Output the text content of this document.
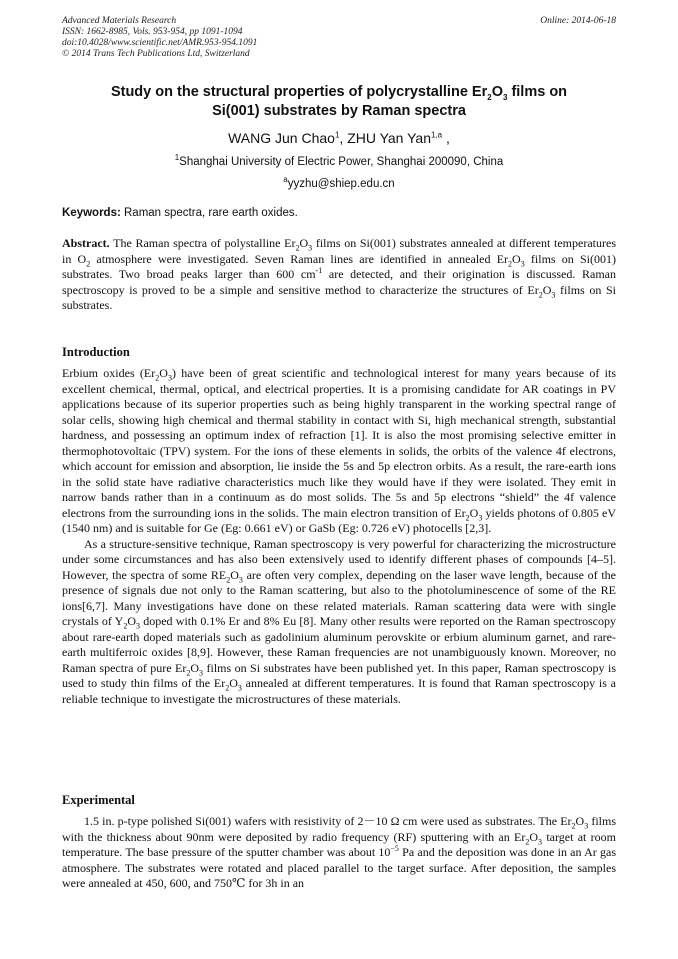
Advanced Materials Research
ISSN: 1662-8985, Vols. 953-954, pp 1091-1094
doi:10.4028/www.scientific.net/AMR.953-954.1091
© 2014 Trans Tech Publications Ltd, Switzerland
Online: 2014-06-18
Study on the structural properties of polycrystalline $Er_2O_3$ films on
Si(001) substrates by Raman spectra
WANG Jun Chao$^1$, ZHU Yan Yan$^{1,a}$ ,
$^1$Shanghai University of Electric Power, Shanghai 200090, China
$^a$yyzhu@shiep.edu.cn
Keywords: Raman spectra, rare earth oxides.

Abstract. The Raman spectra of polystalline $Er_2O_3$ films on Si(001) substrates annealed at different temperatures in $O_2$ atmosphere were investigated. Seven Raman lines are identified in annealed $Er_2O_3$ films on Si(001) substrates. Two broad peaks larger than 600 $cm^{-1}$ are detected, and their origination is discussed. Raman spectroscopy is proved to be a simple and sensitive method to characterize the structures of $Er_2O_3$ films on Si substrates.

Introduction

Erbium oxides $(Er_2O_3)$ have been of great scientific and technological interest for many years because of its excellent chemical, thermal, optical, and electrical properties. It is a promising candidate for AR coatings in PV applications because of its superior properties such as being highly transparent in the working spectral range of solar cells, showing high chemical and thermal stability in contact with Si, high mechanical strength, substantial hardness, and possessing an optimum index of refraction [1]. It is also the most promising selective emitter in thermophotovoltaic (TPV) system. For the ions of these elements in solids, the orbits of the valence 4f electrons, which account for emission and absorption, lie inside the 5s and 5p electron orbits. As a result, the rare-earth ions in the solid state have radiative characteristics much like they would have if they were isolated. They emit in narrow bands rather than in a continuum as do most solids. The 5s and 5p electrons “shield” the 4f valence electrons from the surrounding ions in the solids. The main electron transition of $Er_2O_3$ yields photons of 0.805 eV (1540 nm) and is suitable for Ge (Eg: 0.661 eV) or GaSb (Eg: 0.726 eV) photocells [2,3].

As a structure-sensitive technique, Raman spectroscopy is very powerful for characterizing the microstructure under some circumstances and has also been extensively used to identify different phases of compounds [4–5]. However, the spectra of some $RE_2O_3$ are often very complex, depending on the laser wave length, because of the presence of signals due not only to the Raman scattering, but also to the photoluminescence of some of the RE ions[6,7]. Many investigations have done on these related materials. Raman scattering data were with single crystals of $Y_2O_3$ doped with 0.1% Er and 8% Eu [8]. Many other results were reported on the Raman spectroscopy about rare-earth doped materials such as gadolinium aluminum perovskite or erbium aluminum garnet, and rare-earth multiferroic oxides [8,9]. However, these Raman frequencies are not unambiguously known. Moreover, no Raman spectra of pure $Er_2O_3$ films on Si substrates have been published yet. In this paper, Raman spectroscopy is used to study thin films of the $Er_2O_3$ annealed at different temperatures. It is found that Raman spectroscopy is a reliable technique to investigate the microstructures of these materials.

Experimental

1.5 in. p-type polished Si(001) wafers with resistivity of 2－10 Ω cm were used as substrates. The $Er_2O_3$ films with the thickness about 90nm were deposited by radio frequency (RF) sputtering with an $Er_2O_3$ target at room temperature. The base pressure of the sputter chamber was about $10^{-5}$ Pa and the deposition was done in an Ar gas atmosphere. The substrates were rotated and placed parallel to the target surface. After deposition, the samples were annealed at 450, 600, and 750℃ for 3h in an
